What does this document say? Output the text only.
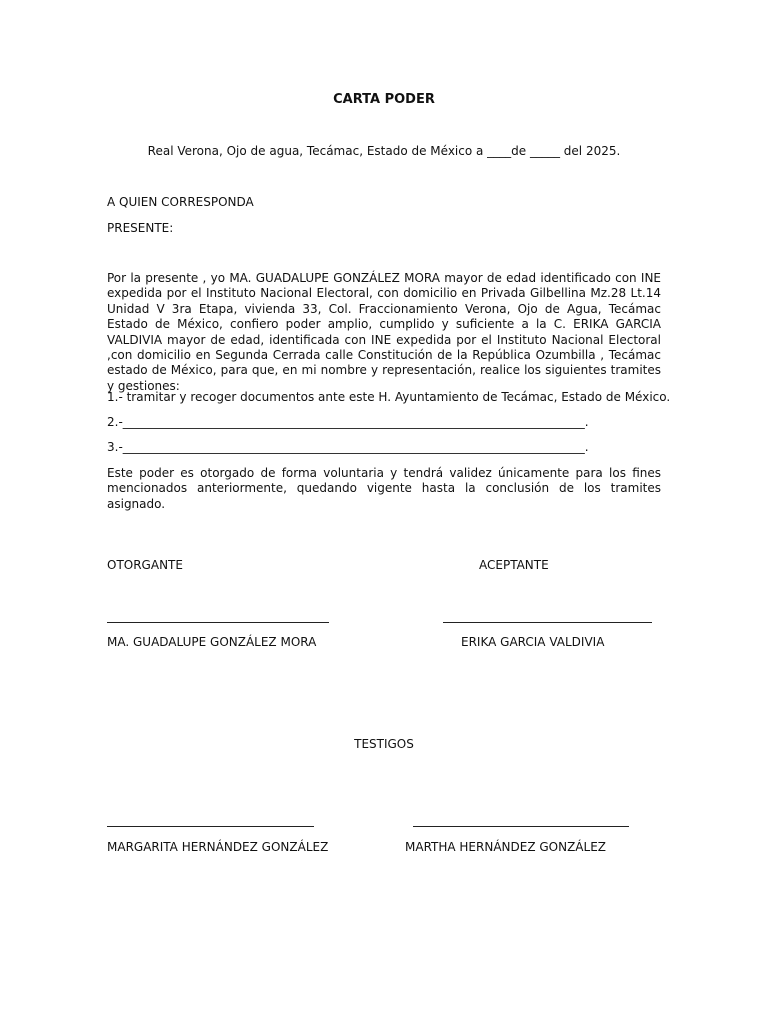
CARTA PODER
Real Verona, Ojo de agua, Tecámac, Estado de México a ____de _____ del 2025.
A QUIEN CORRESPONDA
PRESENTE:
Por la presente , yo MA. GUADALUPE GONZÁLEZ MORA mayor de edad identificado con INE expedida por el Instituto Nacional Electoral, con domicilio en Privada Gilbellina Mz.28 Lt.14 Unidad V 3ra Etapa, vivienda 33, Col. Fraccionamiento Verona, Ojo de Agua, Tecámac Estado de México, confiero poder amplio, cumplido y suficiente a la C. ERIKA GARCIA VALDIVIA mayor de edad, identificada con INE expedida por el Instituto Nacional Electoral ,con domicilio en Segunda Cerrada calle Constitución de la República Ozumbilla , Tecámac estado de México, para que, en mi nombre y representación, realice los siguientes tramites y gestiones:
1.- tramitar y recoger documentos ante este H. Ayuntamiento de Tecámac, Estado de México.
2.-_____________________________________________________________________________.
3.-_____________________________________________________________________________.
Este poder es otorgado de forma voluntaria y tendrá validez únicamente para los fines mencionados anteriormente, quedando vigente hasta la conclusión de los tramites asignado.
OTORGANTE	ACEPTANTE
MA. GUADALUPE GONZÁLEZ MORA	ERIKA GARCIA VALDIVIA
TESTIGOS
MARGARITA HERNÁNDEZ GONZÁLEZ	MARTHA HERNÁNDEZ GONZÁLEZ
